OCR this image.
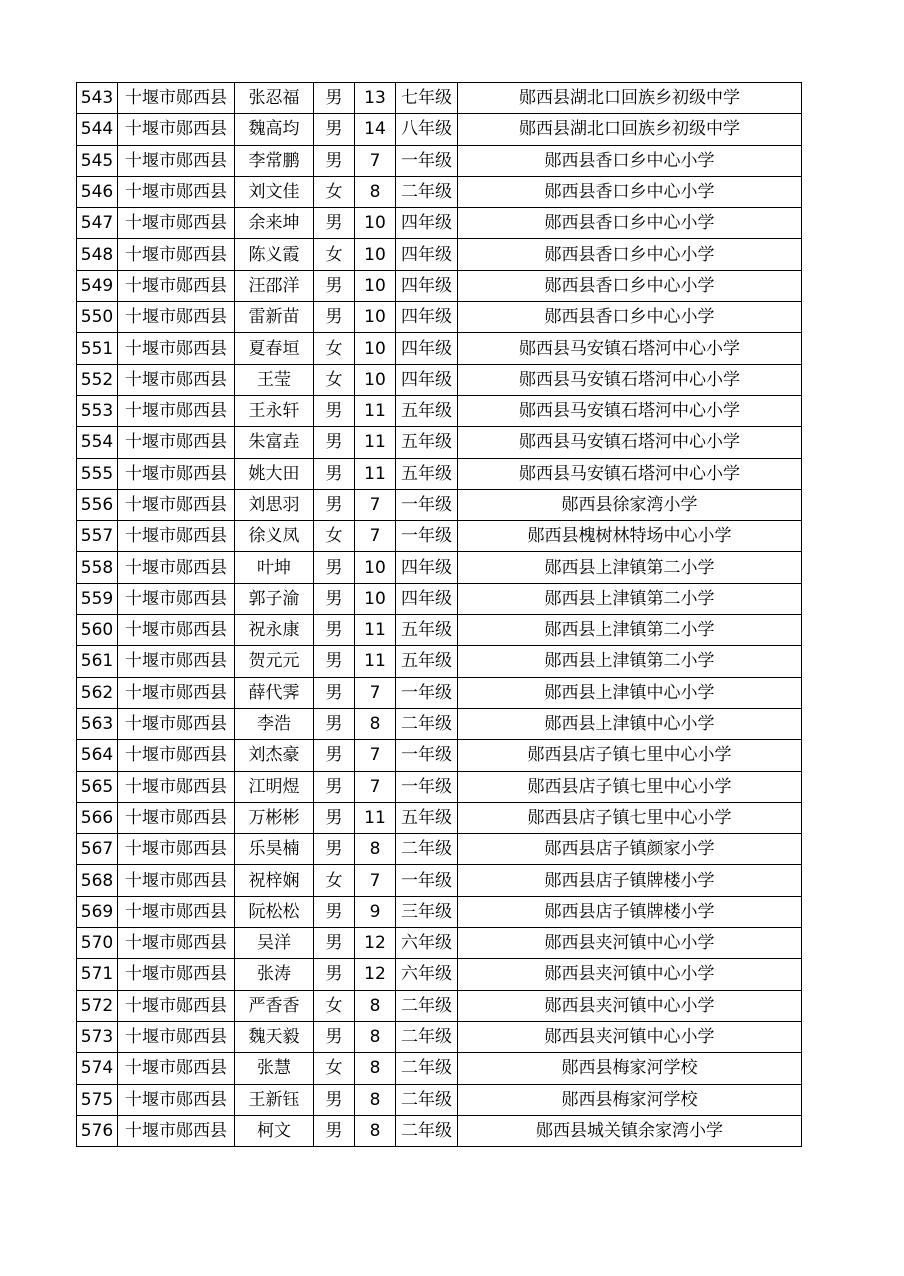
543	十堰市郧西县	张忍福	男	13	七年级	郧西县湖北口回族乡初级中学
544	十堰市郧西县	魏高均	男	14	八年级	郧西县湖北口回族乡初级中学
545	十堰市郧西县	李常鹏	男	7	一年级	郧西县香口乡中心小学
546	十堰市郧西县	刘文佳	女	8	二年级	郧西县香口乡中心小学
547	十堰市郧西县	余来坤	男	10	四年级	郧西县香口乡中心小学
548	十堰市郧西县	陈义霞	女	10	四年级	郧西县香口乡中心小学
549	十堰市郧西县	汪邵洋	男	10	四年级	郧西县香口乡中心小学
550	十堰市郧西县	雷新苗	男	10	四年级	郧西县香口乡中心小学
551	十堰市郧西县	夏春垣	女	10	四年级	郧西县马安镇石塔河中心小学
552	十堰市郧西县	王莹	女	10	四年级	郧西县马安镇石塔河中心小学
553	十堰市郧西县	王永轩	男	11	五年级	郧西县马安镇石塔河中心小学
554	十堰市郧西县	朱富垚	男	11	五年级	郧西县马安镇石塔河中心小学
555	十堰市郧西县	姚大田	男	11	五年级	郧西县马安镇石塔河中心小学
556	十堰市郧西县	刘思羽	男	7	一年级	郧西县徐家湾小学
557	十堰市郧西县	徐义凤	女	7	一年级	郧西县槐树林特场中心小学
558	十堰市郧西县	叶坤	男	10	四年级	郧西县上津镇第二小学
559	十堰市郧西县	郭子渝	男	10	四年级	郧西县上津镇第二小学
560	十堰市郧西县	祝永康	男	11	五年级	郧西县上津镇第二小学
561	十堰市郧西县	贺元元	男	11	五年级	郧西县上津镇第二小学
562	十堰市郧西县	薛代霁	男	7	一年级	郧西县上津镇中心小学
563	十堰市郧西县	李浩	男	8	二年级	郧西县上津镇中心小学
564	十堰市郧西县	刘杰豪	男	7	一年级	郧西县店子镇七里中心小学
565	十堰市郧西县	江明煜	男	7	一年级	郧西县店子镇七里中心小学
566	十堰市郧西县	万彬彬	男	11	五年级	郧西县店子镇七里中心小学
567	十堰市郧西县	乐昊楠	男	8	二年级	郧西县店子镇颜家小学
568	十堰市郧西县	祝梓娴	女	7	一年级	郧西县店子镇牌楼小学
569	十堰市郧西县	阮松松	男	9	三年级	郧西县店子镇牌楼小学
570	十堰市郧西县	吴洋	男	12	六年级	郧西县夹河镇中心小学
571	十堰市郧西县	张涛	男	12	六年级	郧西县夹河镇中心小学
572	十堰市郧西县	严香香	女	8	二年级	郧西县夹河镇中心小学
573	十堰市郧西县	魏天毅	男	8	二年级	郧西县夹河镇中心小学
574	十堰市郧西县	张慧	女	8	二年级	郧西县梅家河学校
575	十堰市郧西县	王新钰	男	8	二年级	郧西县梅家河学校
576	十堰市郧西县	柯文	男	8	二年级	郧西县城关镇余家湾小学
